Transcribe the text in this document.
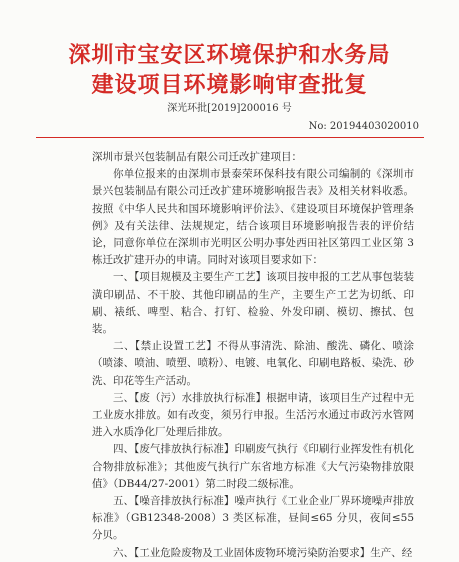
深圳市宝安区环境保护和水务局
建设项目环境影响审查批复
深光环批[2019]200016 号
No: 20194403020010

深圳市景兴包装制品有限公司迁改扩建项目：

你单位报来的由深圳市景泰荣环保科技有限公司编制的《深圳市景兴包装制品有限公司迁改扩建环境影响报告表》及相关材料收悉。按照《中华人民共和国环境影响评价法》、《建设项目环境保护管理条例》及有关法律、法规规定，结合该项目环境影响报告表的评价结论，同意你单位在深圳市光明区公明办事处西田社区第四工业区第 3 栋迁改扩建开办的申请。同时对该项目要求如下：

一、【项目规模及主要生产工艺】该项目按申报的工艺从事包装装潢印刷品、不干胶、其他印刷品的生产，主要生产工艺为切纸、印刷、裱纸、啤型、粘合、打钉、检验、外发印刷、模切、擦拭、包装。

二、【禁止设置工艺】不得从事清洗、除油、酸洗、磷化、喷涂（喷漆、喷油、喷塑、喷粉）、电镀、电氧化、印刷电路板、染洗、砂洗、印花等生产活动。

三、【废（污）水排放执行标准】根据申请，该项目生产过程中无工业废水排放。如有改变，须另行申报。生活污水通过市政污水管网进入水质净化厂处理后排放。

四、【废气排放执行标准】印刷废气执行《印刷行业挥发性有机化合物排放标准》；其他废气执行广东省地方标准《大气污染物排放限值》（DB44/27-2001）第二时段二级标准。

五、【噪音排放执行标准】噪声执行《工业企业厂界环境噪声排放标准》（GB12348-2008）3 类区标准，昼间≤65 分贝，夜间≤55 分贝。

六、【工业危险废物及工业固体废物环境污染防治要求】生产、经
